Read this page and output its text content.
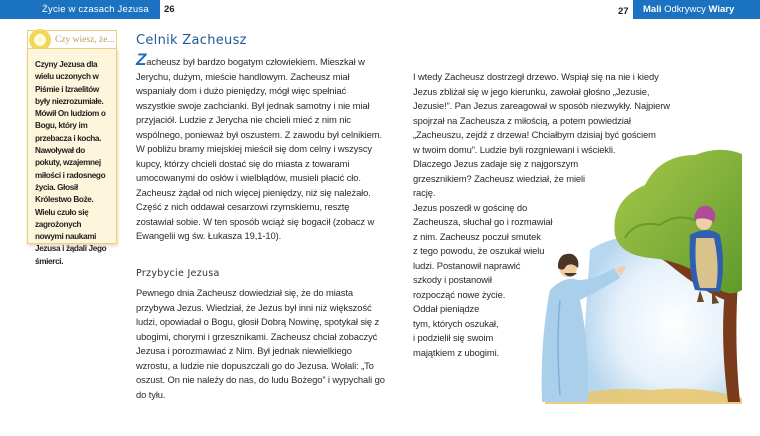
Życie w czasach Jezusa 26	27 Mali Odkrywcy Wiary
Czy wiesz, że...

Czyny Jezusa dla wielu uczonych w Piśmie i Izraelitów były niezrozumiałe.

Mówił On ludziom o Bogu, który im przebacza i kocha. Nawoływał do pokuty, wzajemnej miłości i radosnego życia. Głosił Królestwo Boże. Wielu czuło się zagrożonych nowymi naukami Jezusa i żądali Jego śmierci.

Celnik Zacheusz

Zacheusz był bardzo bogatym człowiekiem. Mieszkał w Jerychu, dużym, mieście handlowym. Zacheusz miał wspaniały dom i dużo pieniędzy, mógł więc spełniać wszystkie swoje zachcianki. Był jednak samotny i nie miał przyjaciół. Ludzie z Jerycha nie chcieli mieć z nim nic wspólnego, ponieważ był oszustem. Z zawodu był celnikiem. W pobliżu bramy miejskiej mieścił się dom celny i wszyscy kupcy, którzy chcieli dostać się do miasta z towarami umocowanymi do osłów i wielbłądów, musieli płacić cło. Zacheusz żądał od nich więcej pieniędzy, niż się należało. Część z nich oddawał cesarzowi rzymskiemu, resztę zostawiał sobie. W ten sposób wciąż się bogacił (zobacz w Ewangelii wg św. Łukasza 19,1-10).

Przybycie Jezusa

Pewnego dnia Zacheusz dowiedział się, że do miasta przybywa Jezus. Wiedział, że Jezus był inni niż większość ludzi, opowiadał o Bogu, głosił Dobrą Nowinę, spotykał się z ubogimi, chorymi i grzesznikami. Zacheusz chciał zobaczyć Jezusa i porozmawiać z Nim. Był jednak niewielkiego wzrostu, a ludzie nie dopuszczali go do Jezusa. Wołali: „To oszust. On nie należy do nas, do ludu Bożego” i wypychali go do tyłu.

I wtedy Zacheusz dostrzegł drzewo. Wspiął się na nie i kiedy
Jezus zbliżał się w jego kierunku, zawołał głośno „Jezusie,
Jezusie!”. Pan Jezus zareagował w sposób niezwykły. Najpierw
spojrzał na Zacheusza z miłością, a potem powiedział
„Zacheuszu, zejdź z drzewa! Chciałbym dzisiaj być gościem
w twoim domu”. Ludzie byli rozgniewani i wściekli.
Dlaczego Jezus zadaje się z najgorszym
grzesznikiem? Zacheusz wiedział, że mieli
rację.
Jezus poszedł w gościnę do
Zacheusza, słuchał go i rozmawiał
z nim. Zacheusz poczuł smutek
z tego powodu, że oszukał wielu
ludzi. Postanowił naprawić
szkody i postanowił
rozpocząć nowe życie.
Oddał pieniądze
tym, których oszukał,
i podzielił się swoim
majątkiem z ubogimi.
